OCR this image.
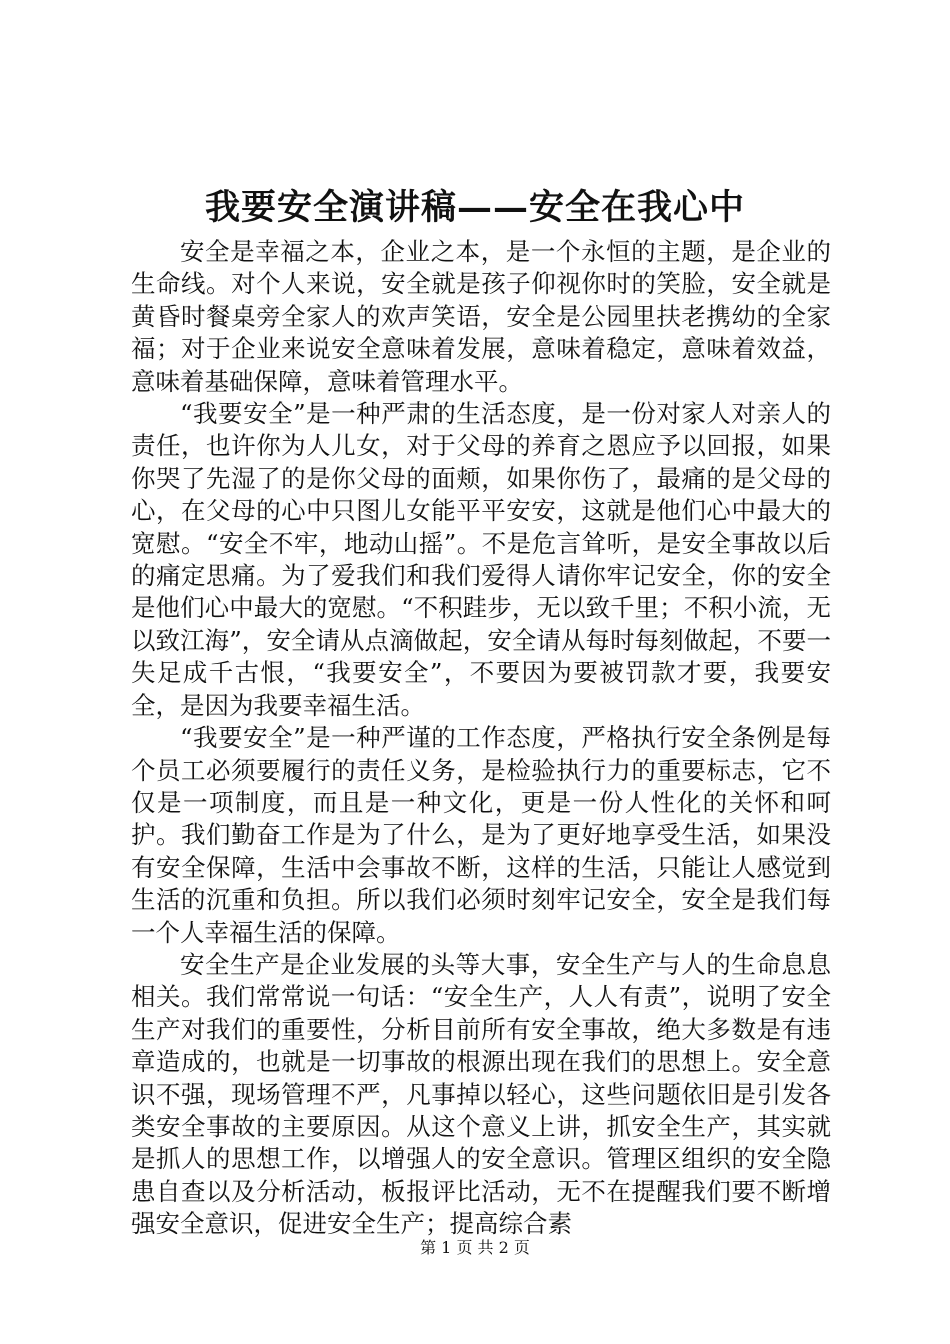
我要安全演讲稿——安全在我心中

安全是幸福之本，企业之本，是一个永恒的主题，是企业的生命线。对个人来说，安全就是孩子仰视你时的笑脸，安全就是黄昏时餐桌旁全家人的欢声笑语，安全是公园里扶老携幼的全家福；对于企业来说安全意味着发展，意味着稳定，意味着效益，意味着基础保障，意味着管理水平。

“我要安全”是一种严肃的生活态度，是一份对家人对亲人的责任，也许你为人儿女，对于父母的养育之恩应予以回报，如果你哭了先湿了的是你父母的面颊，如果你伤了，最痛的是父母的心，在父母的心中只图儿女能平平安安，这就是他们心中最大的宽慰。“安全不牢，地动山摇”。不是危言耸听，是安全事故以后的痛定思痛。为了爱我们和我们爱得人请你牢记安全，你的安全是他们心中最大的宽慰。“不积跬步，无以致千里；不积小流，无以致江海”，安全请从点滴做起，安全请从每时每刻做起，不要一失足成千古恨，“我要安全”，不要因为要被罚款才要，我要安全，是因为我要幸福生活。

“我要安全”是一种严谨的工作态度，严格执行安全条例是每个员工必须要履行的责任义务，是检验执行力的重要标志，它不仅是一项制度，而且是一种文化，更是一份人性化的关怀和呵护。我们勤奋工作是为了什么，是为了更好地享受生活，如果没有安全保障，生活中会事故不断，这样的生活，只能让人感觉到生活的沉重和负担。所以我们必须时刻牢记安全，安全是我们每一个人幸福生活的保障。

安全生产是企业发展的头等大事，安全生产与人的生命息息相关。我们常常说一句话：“安全生产，人人有责”，说明了安全生产对我们的重要性，分析目前所有安全事故，绝大多数是有违章造成的，也就是一切事故的根源出现在我们的思想上。安全意识不强，现场管理不严，凡事掉以轻心，这些问题依旧是引发各类安全事故的主要原因。从这个意义上讲，抓安全生产，其实就是抓人的思想工作，以增强人的安全意识。管理区组织的安全隐患自查以及分析活动，板报评比活动，无不在提醒我们要不断增强安全意识，促进安全生产；提高综合素

第 1 页 共 2 页
